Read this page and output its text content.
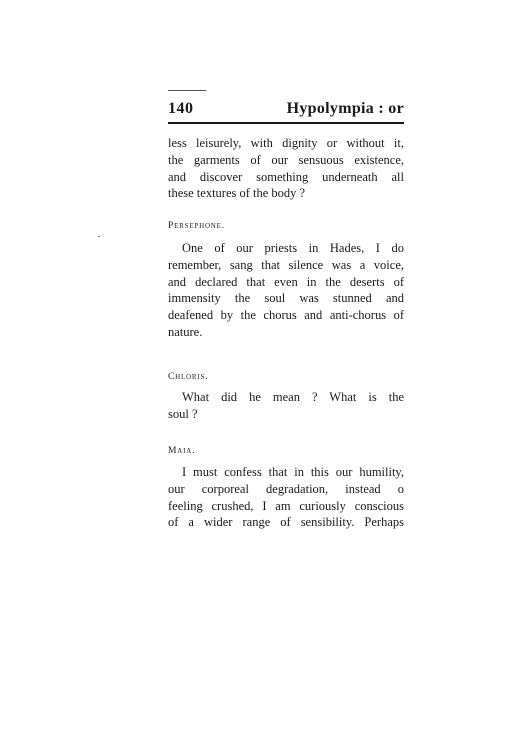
140	Hypolympia : or
less leisurely, with dignity or without it,
the garments of our sensuous existence,
and discover something underneath all
these textures of the body ?
Persephone.
One of our priests in Hades, I do
remember, sang that silence was a voice,
and declared that even in the deserts of
immensity the soul was stunned and
deafened by the chorus and anti-chorus of
nature.
Chloris.
What did he mean ? What is the
soul ?
Maia.
I must confess that in this our humility,
our corporeal degradation, instead o
feeling crushed, I am curiously conscious
of a wider range of sensibility. Perhaps
